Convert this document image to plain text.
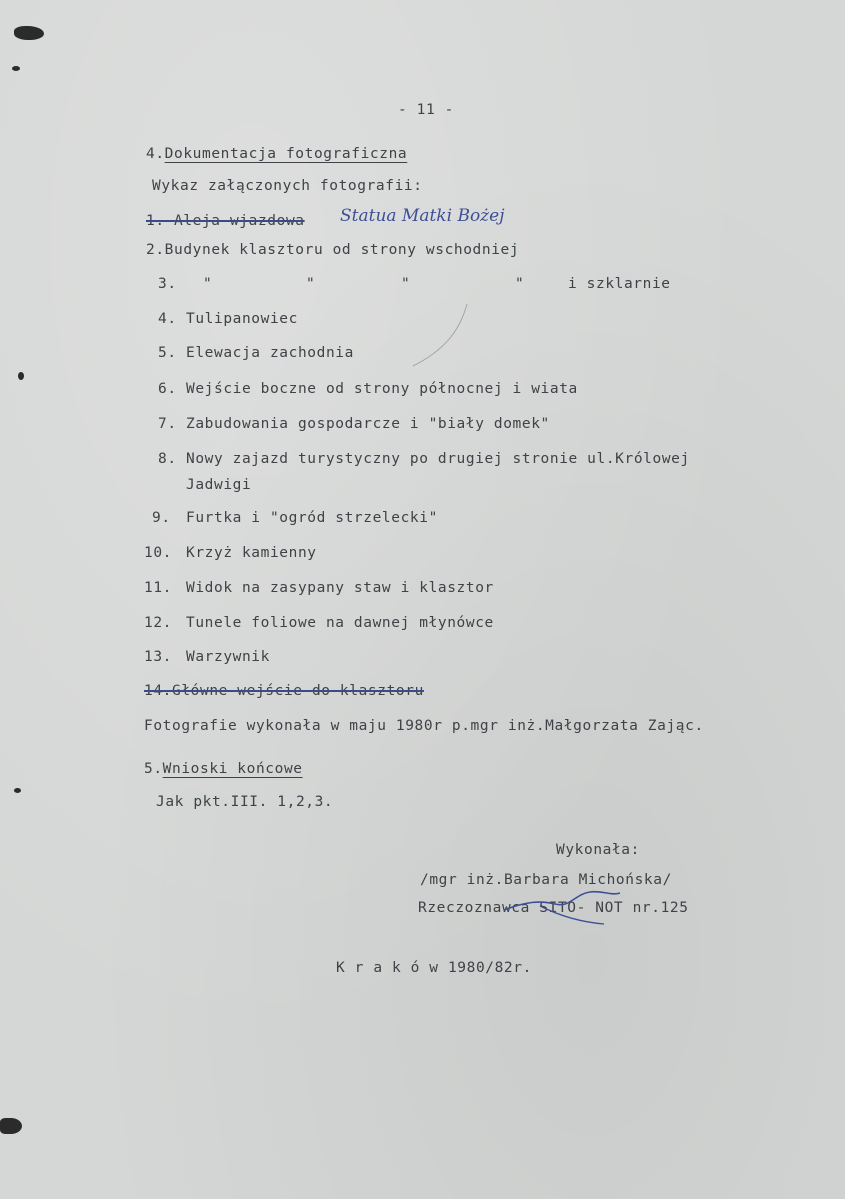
- 11 -
4.Dokumentacja fotograficzna
Wykaz załączonych fotografii:
1. Aleja wjazdowa Statua Matki Bożej
2.Budynek klasztoru od strony wschodniej
3. "	"	"	"	i szklarnie
4. Tulipanowiec
5. Elewacja zachodnia
6. Wejście boczne od strony północnej i wiata
7. Zabudowania gospodarcze i "biały domek"
8. Nowy zajazd turystyczny po drugiej stronie ul.Królowej
Jadwigi
9. Furtka i "ogród strzelecki"
10. Krzyż kamienny
11. Widok na zasypany staw i klasztor
12. Tunele foliowe na dawnej młynówce
13. Warzywnik
14.Główne wejście do klasztoru
Fotografie wykonała w maju 1980r p.mgr inż.Małgorzata Zając.
5.Wnioski końcowe
Jak pkt.III. 1,2,3.
Wykonała:
/mgr inż.Barbara Michońska/
Rzeczoznawca SITO- NOT nr.125
K r a k ó w 1980/82r.
